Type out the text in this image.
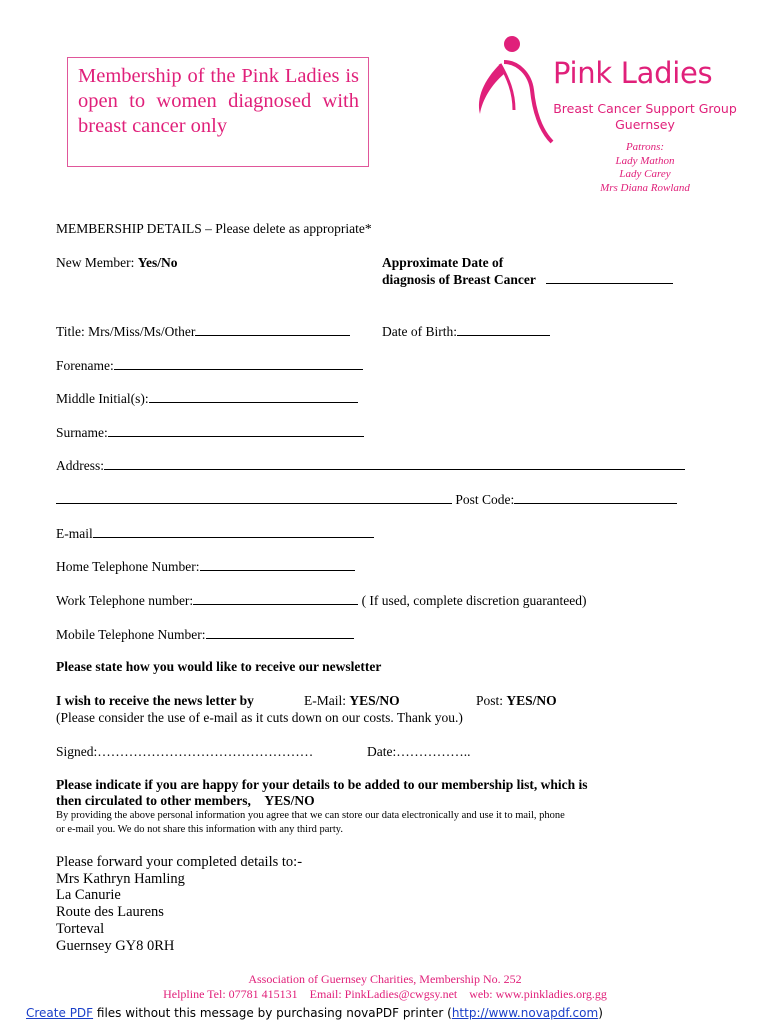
Membership of the Pink Ladies is open to women diagnosed with breast cancer only
Pink Ladies
Breast Cancer Support Group
Guernsey
Patrons:
Lady Mathon
Lady Carey
Mrs Diana Rowland
MEMBERSHIP DETAILS – Please delete as appropriate*
New Member: Yes/No	Approximate Date of
diagnosis of Breast Cancer
Title: Mrs/Miss/Ms/Other	Date of Birth:
Forename:
Middle Initial(s):
Surname:
Address:
Post Code:
E-mail
Home Telephone Number:
Work Telephone number:	( If used, complete discretion guaranteed)
Mobile Telephone Number:
Please state how you would like to receive our newsletter
I wish to receive the news letter by	E-Mail: YES/NO	Post: YES/NO
(Please consider the use of e-mail as it cuts down on our costs. Thank you.)
Signed:…………………………………………	Date:……………..
Please indicate if you are happy for your details to be added to our membership list, which is
then circulated to other members, YES/NO
By providing the above personal information you agree that we can store our data electronically and use it to mail, phone
or e-mail you. We do not share this information with any third party.
Please forward your completed details to:-
Mrs Kathryn Hamling
La Canurie
Route des Laurens
Torteval
Guernsey GY8 0RH
Association of Guernsey Charities, Membership No. 252
Helpline Tel: 07781 415131 Email: PinkLadies@cwgsy.net web: www.pinkladies.org.gg
Create PDF files without this message by purchasing novaPDF printer (http://www.novapdf.com)
